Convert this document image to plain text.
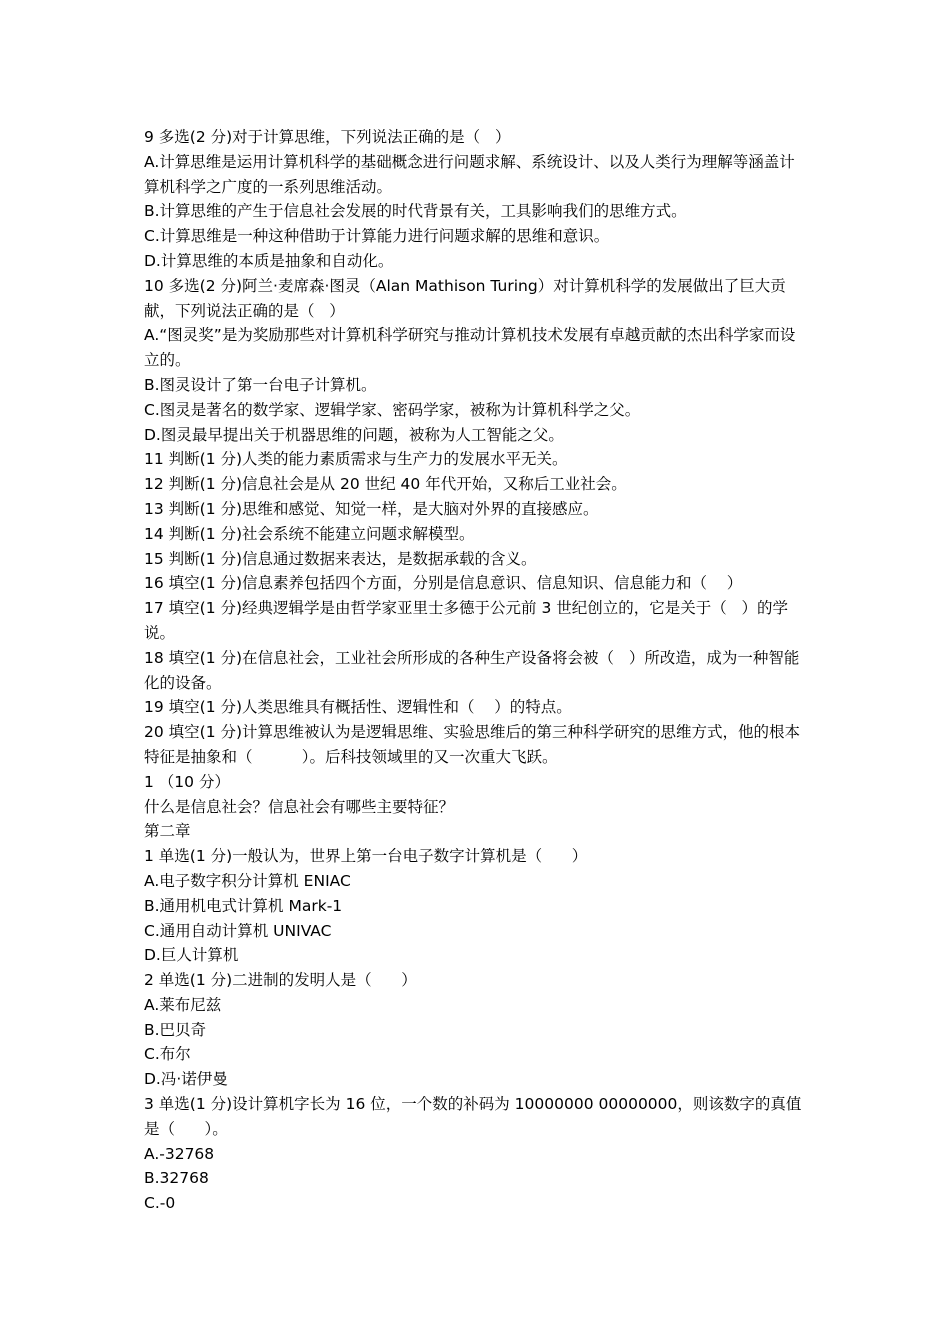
9 多选(2 分)对于计算思维，下列说法正确的是（   ）

A.计算思维是运用计算机科学的基础概念进行问题求解、系统设计、以及人类行为理解等涵盖计算机科学之广度的一系列思维活动。

B.计算思维的产生于信息社会发展的时代背景有关，工具影响我们的思维方式。

C.计算思维是一种这种借助于计算能力进行问题求解的思维和意识。

D.计算思维的本质是抽象和自动化。

10 多选(2 分)阿兰·麦席森·图灵（Alan Mathison Turing）对计算机科学的发展做出了巨大贡献，下列说法正确的是（   ）

A.“图灵奖”是为奖励那些对计算机科学研究与推动计算机技术发展有卓越贡献的杰出科学家而设立的。

B.图灵设计了第一台电子计算机。

C.图灵是著名的数学家、逻辑学家、密码学家，被称为计算机科学之父。

D.图灵最早提出关于机器思维的问题，被称为人工智能之父。

11 判断(1 分)人类的能力素质需求与生产力的发展水平无关。

12 判断(1 分)信息社会是从 20 世纪 40 年代开始，又称后工业社会。

13 判断(1 分)思维和感觉、知觉一样，是大脑对外界的直接感应。

14 判断(1 分)社会系统不能建立问题求解模型。

15 判断(1 分)信息通过数据来表达，是数据承载的含义。

16 填空(1 分)信息素养包括四个方面，分别是信息意识、信息知识、信息能力和（    ）

17 填空(1 分)经典逻辑学是由哲学家亚里士多德于公元前 3 世纪创立的，它是关于（   ）的学说。

18 填空(1 分)在信息社会，工业社会所形成的各种生产设备将会被（   ）所改造，成为一种智能化的设备。

19 填空(1 分)人类思维具有概括性、逻辑性和（    ）的特点。

20 填空(1 分)计算思维被认为是逻辑思维、实验思维后的第三种科学研究的思维方式，他的根本特征是抽象和（          ）。后科技领域里的又一次重大飞跃。

1 （10 分）

什么是信息社会？信息社会有哪些主要特征？

第二章

1 单选(1 分)一般认为，世界上第一台电子数字计算机是（      ）

A.电子数字积分计算机 ENIAC

B.通用机电式计算机 Mark-1

C.通用自动计算机 UNIVAC

D.巨人计算机

2 单选(1 分)二进制的发明人是（      ）

A.莱布尼兹

B.巴贝奇

C.布尔

D.冯·诺伊曼

3 单选(1 分)设计算机字长为 16 位，一个数的补码为 10000000 00000000，则该数字的真值是（      ）。

A.-32768

B.32768

C.-0
